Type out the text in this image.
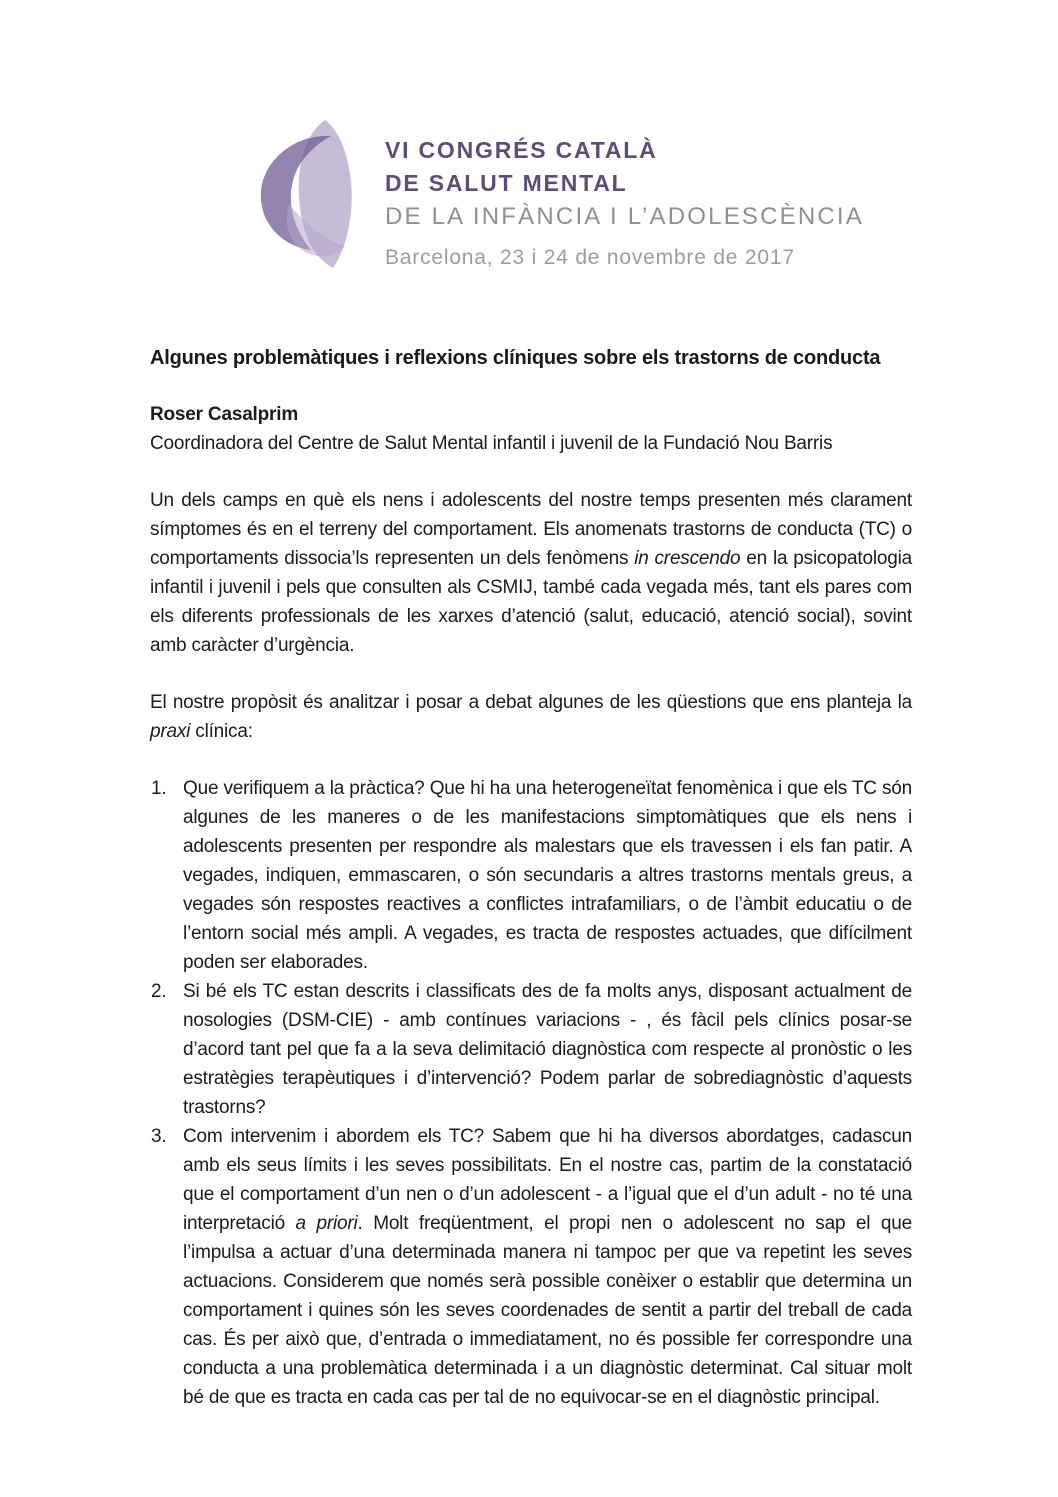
VI CONGRÉS CATALÀ
DE SALUT MENTAL
DE LA INFÀNCIA I L’ADOLESCÈNCIA
Barcelona, 23 i 24 de novembre de 2017
Algunes problemàtiques i reflexions clíniques sobre els trastorns de conducta
Roser Casalprim
Coordinadora del Centre de Salut Mental infantil i juvenil de la Fundació Nou Barris

Un dels camps en què els nens i adolescents del nostre temps presenten més clarament símptomes és en el terreny del comportament. Els anomenats trastorns de conducta (TC) o comportaments dissocia’ls representen un dels fenòmens in crescendo en la psicopatologia infantil i juvenil i pels que consulten als CSMIJ, també cada vegada més, tant els pares com els diferents professionals de les xarxes d’atenció (salut, educació, atenció social), sovint amb caràcter d’urgència.

El nostre propòsit és analitzar i posar a debat algunes de les qüestions que ens planteja la praxi clínica:

1. Que verifiquem a la pràctica? Que hi ha una heterogeneïtat fenomènica i que els TC són algunes de les maneres o de les manifestacions simptomàtiques que els nens i adolescents presenten per respondre als malestars que els travessen i els fan patir. A vegades, indiquen, emmascaren, o són secundaris a altres trastorns mentals greus, a vegades són respostes reactives a conflictes intrafamiliars, o de l’àmbit educatiu o de l’entorn social més ampli. A vegades, es tracta de respostes actuades, que difícilment poden ser elaborades.
2. Si bé els TC estan descrits i classificats des de fa molts anys, disposant actualment de nosologies (DSM-CIE) - amb contínues variacions - , és fàcil pels clínics posar-se d’acord tant pel que fa a la seva delimitació diagnòstica com respecte al pronòstic o les estratègies terapèutiques i d’intervenció? Podem parlar de sobrediagnòstic d’aquests trastorns?
3. Com intervenim i abordem els TC? Sabem que hi ha diversos abordatges, cadascun amb els seus límits i les seves possibilitats. En el nostre cas, partim de la constatació que el comportament d’un nen o d’un adolescent - a l’igual que el d’un adult - no té una interpretació a priori. Molt freqüentment, el propi nen o adolescent no sap el que l’impulsa a actuar d’una determinada manera ni tampoc per que va repetint les seves actuacions. Considerem que només serà possible conèixer o establir que determina un comportament i quines són les seves coordenades de sentit a partir del treball de cada cas. És per això que, d’entrada o immediatament, no és possible fer correspondre una conducta a una problemàtica determinada i a un diagnòstic determinat. Cal situar molt bé de que es tracta en cada cas per tal de no equivocar-se en el diagnòstic principal.
